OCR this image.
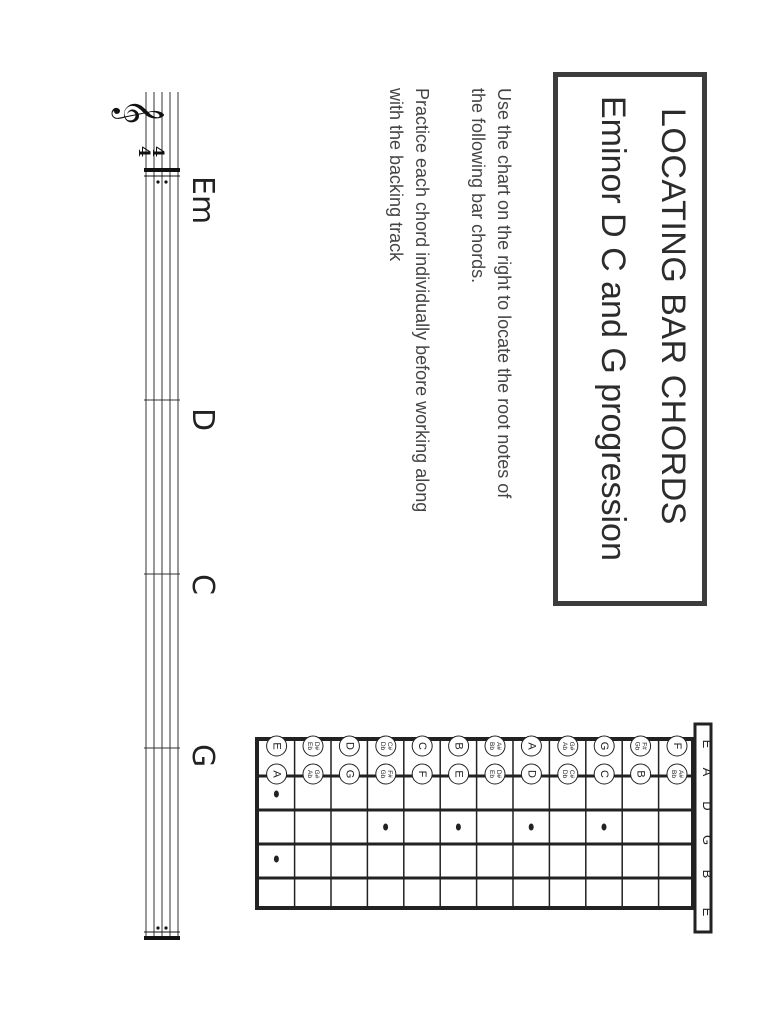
LOCATING BAR CHORDS
Eminor D C and G progression
Use the chart on the right to locate the root notes of
the following bar chords.
Practice each chord individually before working along
with the backing track
𝄞
4
4
Em
D
C
G	E
A
D
G
B
E
F
A#
Bb
F#
Gb
B
G
C
G#
Ab
C#
Db
A
D
A#
Bb
D#
Eb
B
E
C
F
C#
Db
F#
Gb
D
G
D#
Eb
G#
Ab
E
A
